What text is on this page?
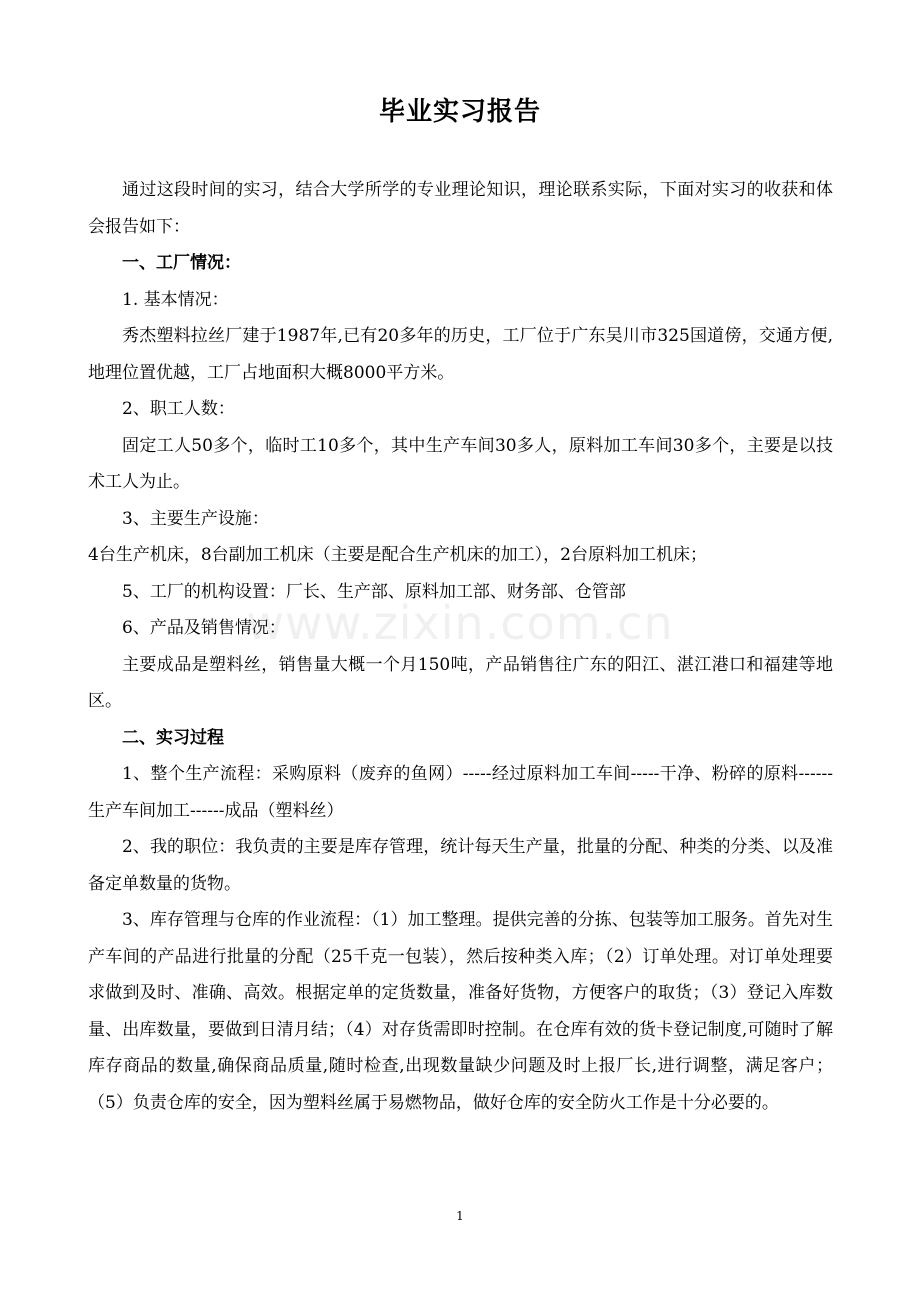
毕业实习报告

通过这段时间的实习，结合大学所学的专业理论知识，理论联系实际，下面对实习的收获和体会报告如下：

一、工厂情况：

1. 基本情况：

秀杰塑料拉丝厂建于1987年,已有20多年的历史，工厂位于广东吴川市325国道傍，交通方便,地理位置优越，工厂占地面积大概8000平方米。

2、职工人数：

固定工人50多个，临时工10多个，其中生产车间30多人，原料加工车间30多个，主要是以技术工人为止。

3、主要生产设施：

4台生产机床，8台副加工机床（主要是配合生产机床的加工），2台原料加工机床；

5、工厂的机构设置：厂长、生产部、原料加工部、财务部、仓管部

6、产品及销售情况：

主要成品是塑料丝，销售量大概一个月150吨，产品销售往广东的阳江、湛江港口和福建等地区。

二、实习过程

1、整个生产流程：采购原料（废弃的鱼网）-----经过原料加工车间-----干净、粉碎的原料------生产车间加工------成品（塑料丝）

2、我的职位：我负责的主要是库存管理，统计每天生产量，批量的分配、种类的分类、以及准备定单数量的货物。

3、库存管理与仓库的作业流程：（1）加工整理。提供完善的分拣、包装等加工服务。首先对生产车间的产品进行批量的分配（25千克一包装），然后按种类入库；（2）订单处理。对订单处理要求做到及时、准确、高效。根据定单的定货数量，准备好货物，方便客户的取货；（3）登记入库数量、出库数量，要做到日清月结；（4）对存货需即时控制。在仓库有效的货卡登记制度,可随时了解库存商品的数量,确保商品质量,随时检查,出现数量缺少问题及时上报厂长,进行调整，满足客户；（5）负责仓库的安全，因为塑料丝属于易燃物品，做好仓库的安全防火工作是十分必要的。

www.zixin.com.cn
1
